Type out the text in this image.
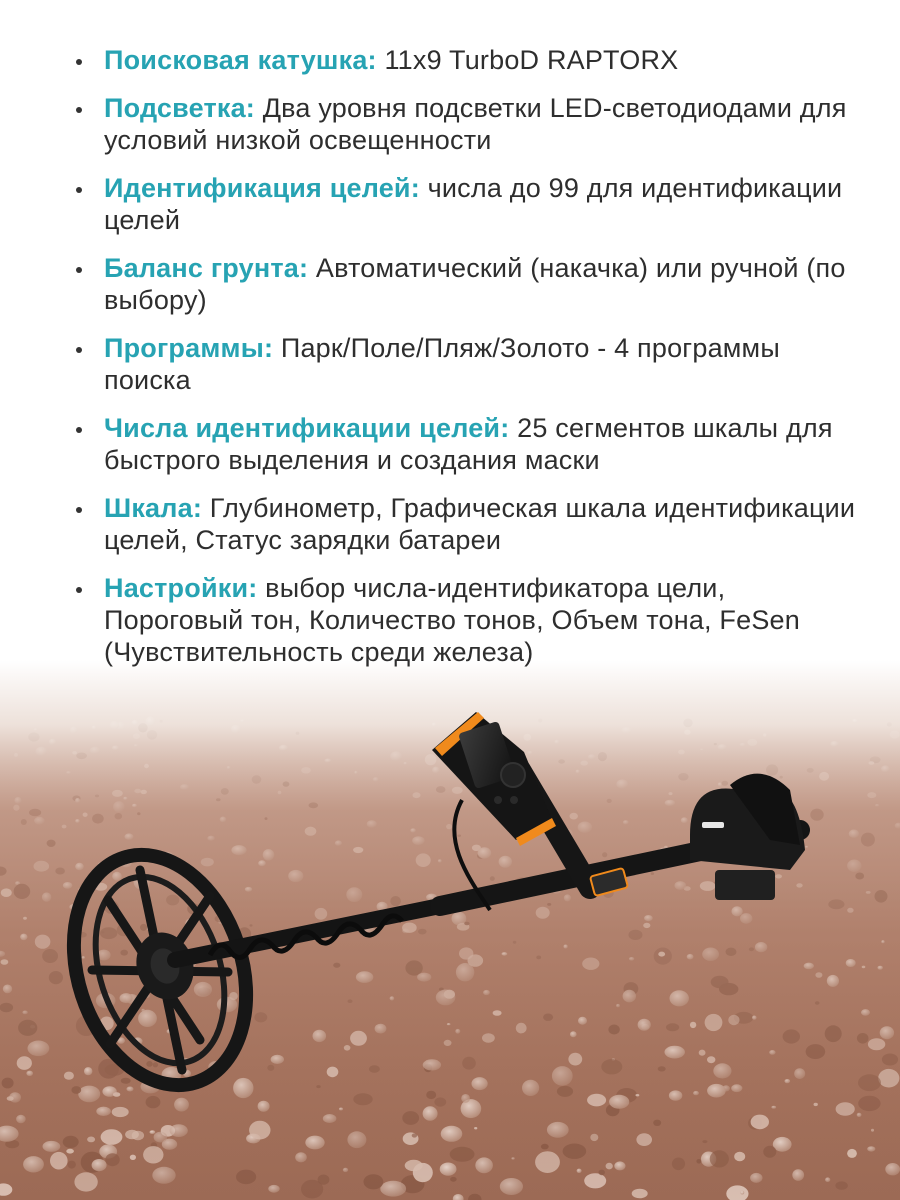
Поисковая катушка: 11x9 TurboD RAPTORX
Подсветка: Два уровня подсветки LED-светодиодами для условий низкой освещенности
Идентификация целей: числа до 99 для идентификации целей
Баланс грунта: Автоматический (накачка) или ручной (по выбору)
Программы: Парк/Поле/Пляж/Золото - 4 программы поиска
Числа идентификации целей: 25 сегментов шкалы для быстрого выделения и создания маски
Шкала: Глубинометр, Графическая шкала идентификации целей, Статус зарядки батареи
Настройки: выбор числа-идентификатора цели, Пороговый тон, Количество тонов, Объем тона, FeSen (Чувствительность среди железа)
